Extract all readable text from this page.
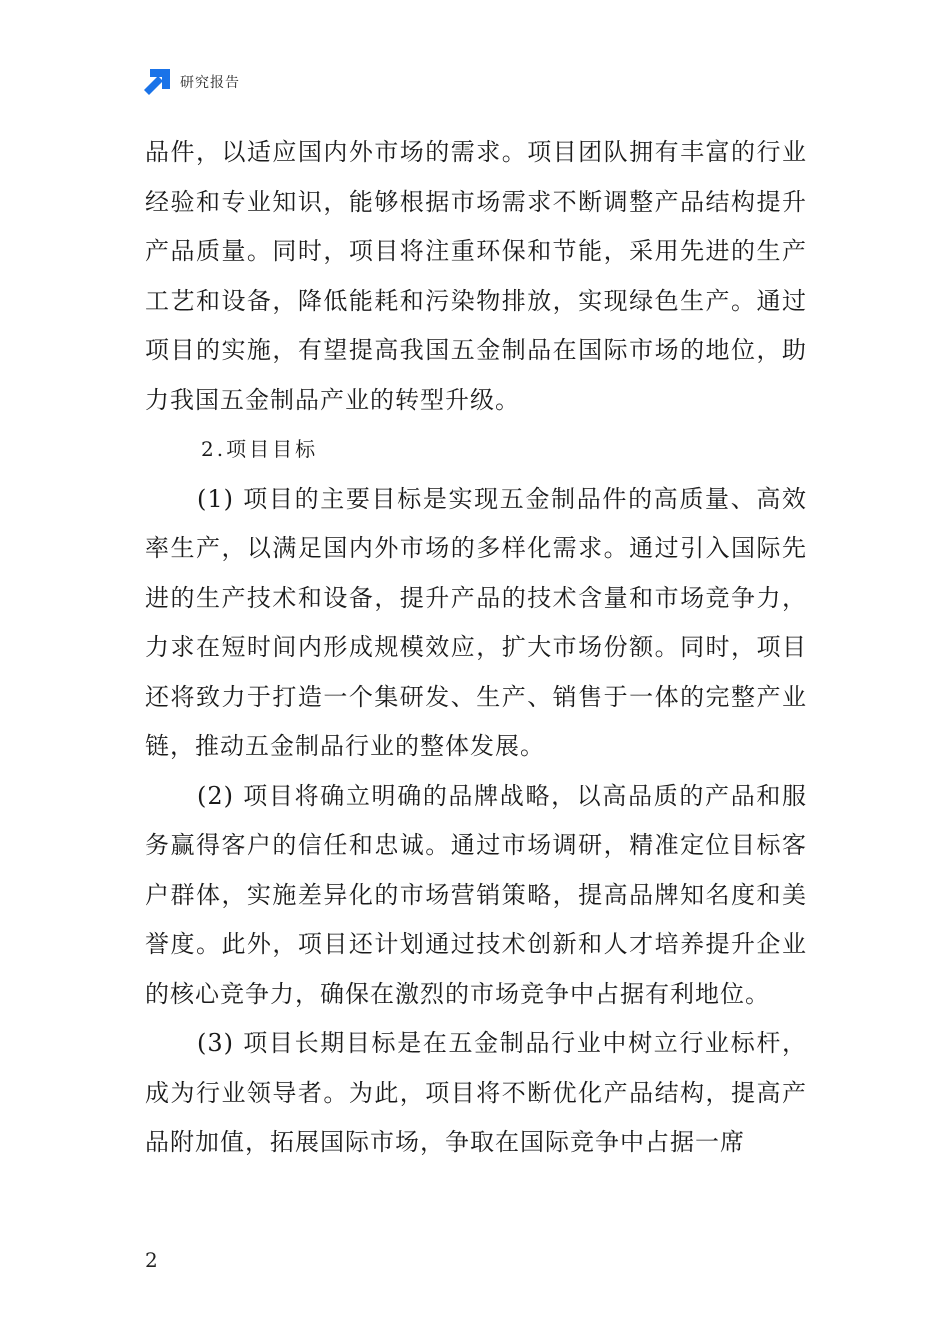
研究报告

品件，以适应国内外市场的需求。项目团队拥有丰富的行业经验和专业知识，能够根据市场需求不断调整产品结构提升产品质量。同时，项目将注重环保和节能，采用先进的生产工艺和设备，降低能耗和污染物排放，实现绿色生产。通过项目的实施，有望提高我国五金制品在国际市场的地位，助力我国五金制品产业的转型升级。

2.项目目标

(1) 项目的主要目标是实现五金制品件的高质量、高效率生产，以满足国内外市场的多样化需求。通过引入国际先进的生产技术和设备，提升产品的技术含量和市场竞争力，力求在短时间内形成规模效应，扩大市场份额。同时，项目还将致力于打造一个集研发、生产、销售于一体的完整产业链，推动五金制品行业的整体发展。

(2) 项目将确立明确的品牌战略，以高品质的产品和服务赢得客户的信任和忠诚。通过市场调研，精准定位目标客户群体，实施差异化的市场营销策略，提高品牌知名度和美誉度。此外，项目还计划通过技术创新和人才培养提升企业的核心竞争力，确保在激烈的市场竞争中占据有利地位。

(3) 项目长期目标是在五金制品行业中树立行业标杆，成为行业领导者。为此，项目将不断优化产品结构，提高产品附加值，拓展国际市场，争取在国际竞争中占据一席

2
